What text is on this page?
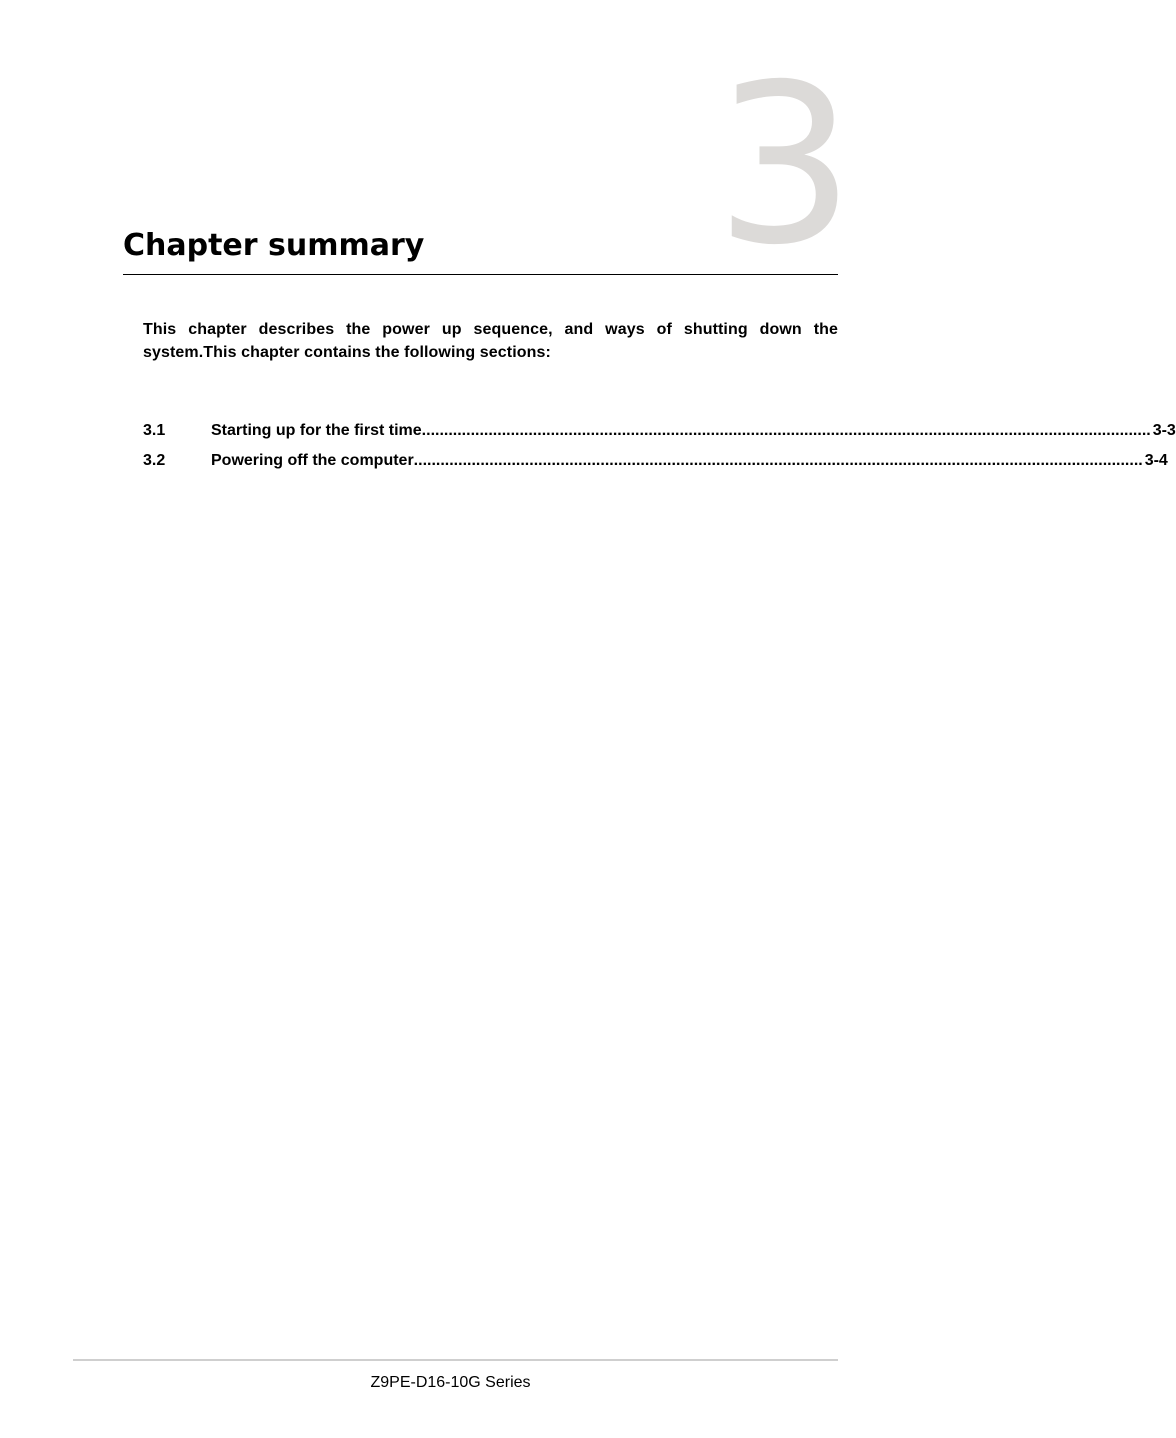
3
Chapter summary

This chapter describes the power up sequence, and ways of shutting down the system.This chapter contains the following sections:

3.1	Starting up for the first time .................................................................................................................................................................... 3-3
3.2	Powering off the computer .................................................................................................................................................................... 3-4
Z9PE-D16-10G Series
